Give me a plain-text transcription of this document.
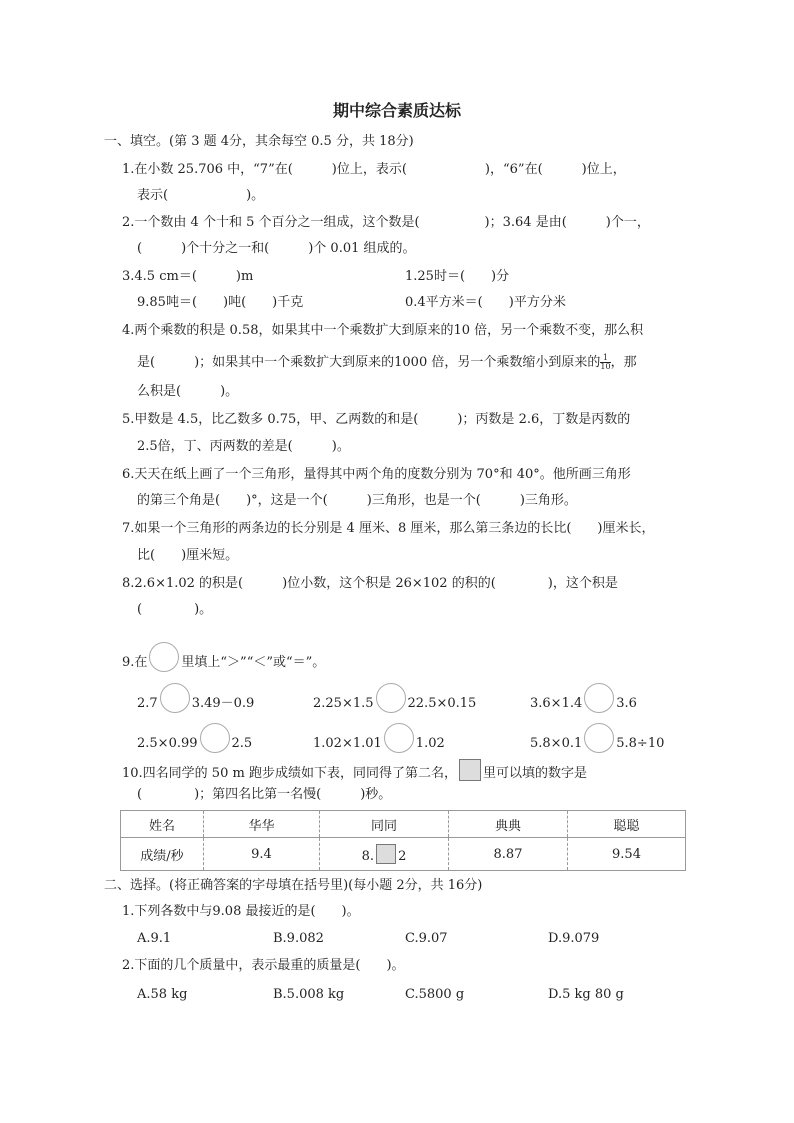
期中综合素质达标
一、填空。(第 3 题 4分，其余每空 0.5 分，共 18分)
1.在小数 25.706 中，“7”在(　　　)位上，表示(　　　　　　)，“6”在(　　　)位上，
表示(　　　　　　)。
2.一个数由 4 个十和 5 个百分之一组成，这个数是(　　　　　)；3.64 是由(　　　)个一，
(　　　)个十分之一和(　　　)个 0.01 组成的。
3.4.5 cm＝(　　　)m	1.25时＝(　　)分
9.85吨＝(　　)吨(　　)千克	0.4平方米＝(　　)平方分米
4.两个乘数的积是 0.58，如果其中一个乘数扩大到原来的10 倍，另一个乘数不变，那么积
是(　　　)；如果其中一个乘数扩大到原来的1000 倍，另一个乘数缩小到原来的 $\frac{1}{10}$ ，那
么积是(　　　)。
5.甲数是 4.5，比乙数多 0.75，甲、乙两数的和是(　　　)；丙数是 2.6，丁数是丙数的
2.5倍，丁、丙两数的差是(　　　)。
6.天天在纸上画了一个三角形，量得其中两个角的度数分别为 70°和 40°。他所画三角形
的第三个角是(　　)°，这是一个(　　　)三角形，也是一个(　　　)三角形。
7.如果一个三角形的两条边的长分别是 4 厘米、8 厘米，那么第三条边的长比(　　)厘米长，
比(　　)厘米短。
8.2.6×1.02 的积是(　　　)位小数，这个积是 26×102 的积的(　　　　)，这个积是
(　　　　)。
9.在	里填上“＞”“＜”或“＝”。
2.7	3.49－0.9	2.25×1.5	22.5×0.15	3.6×1.4	3.6
2.5×0.99	2.5	1.02×1.01	1.02	5.8×0.1	5.8÷10
10.四名同学的 50 m 跑步成绩如下表，同同得了第二名， 里可以填的数字是
(　　　　)；第四名比第一名慢(　　　)秒。
姓名	华华	同同	典典	聪聪
成绩/秒	9.4	8. 2	8.87	9.54
二、选择。(将正确答案的字母填在括号里)(每小题 2分，共 16分)
1.下列各数中与9.08 最接近的是(　　)。
A.9.1	B.9.082	C.9.07	D.9.079
2.下面的几个质量中，表示最重的质量是(　　)。
A.58 kg	B.5.008 kg	C.5800 g	D.5 kg 80 g
